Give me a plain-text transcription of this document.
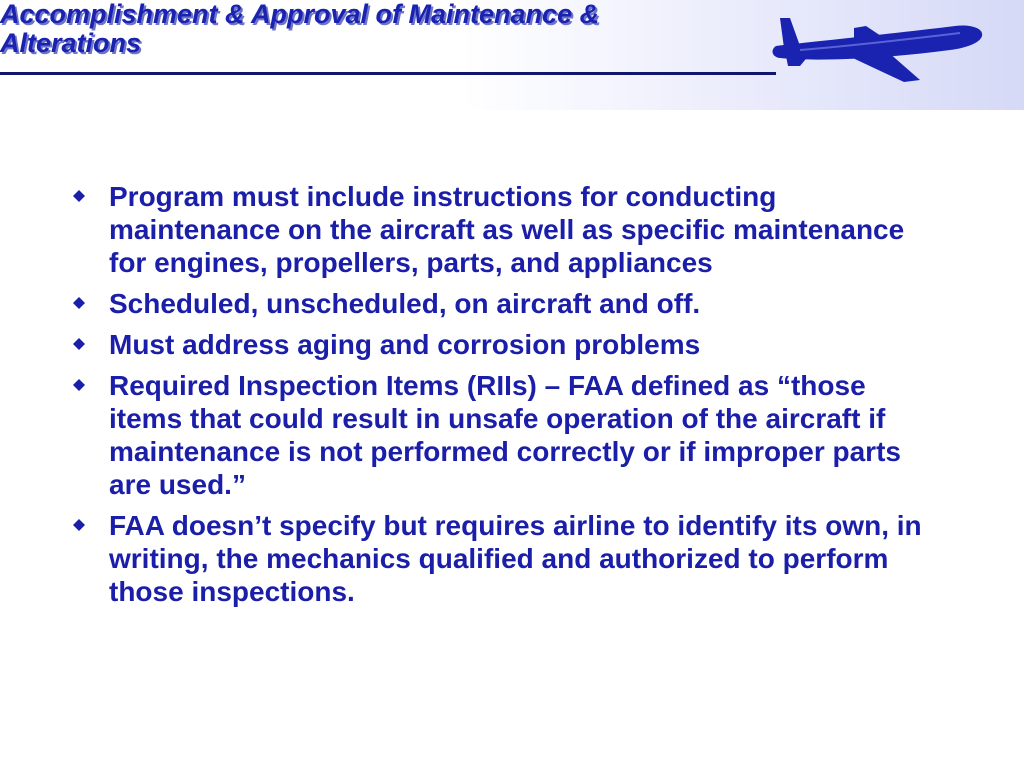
Accomplishment & Approval of Maintenance &
Alterations
Program must include instructions for conducting maintenance on the aircraft as well as specific maintenance for engines, propellers, parts, and appliances
Scheduled, unscheduled, on aircraft and off.
Must address aging and corrosion problems
Required Inspection Items (RIIs) – FAA defined as “those items that could result in unsafe operation of the aircraft if maintenance is not performed correctly or if improper parts are used.”
FAA doesn’t specify but requires airline to identify its own, in writing, the mechanics qualified and authorized to perform those inspections.
